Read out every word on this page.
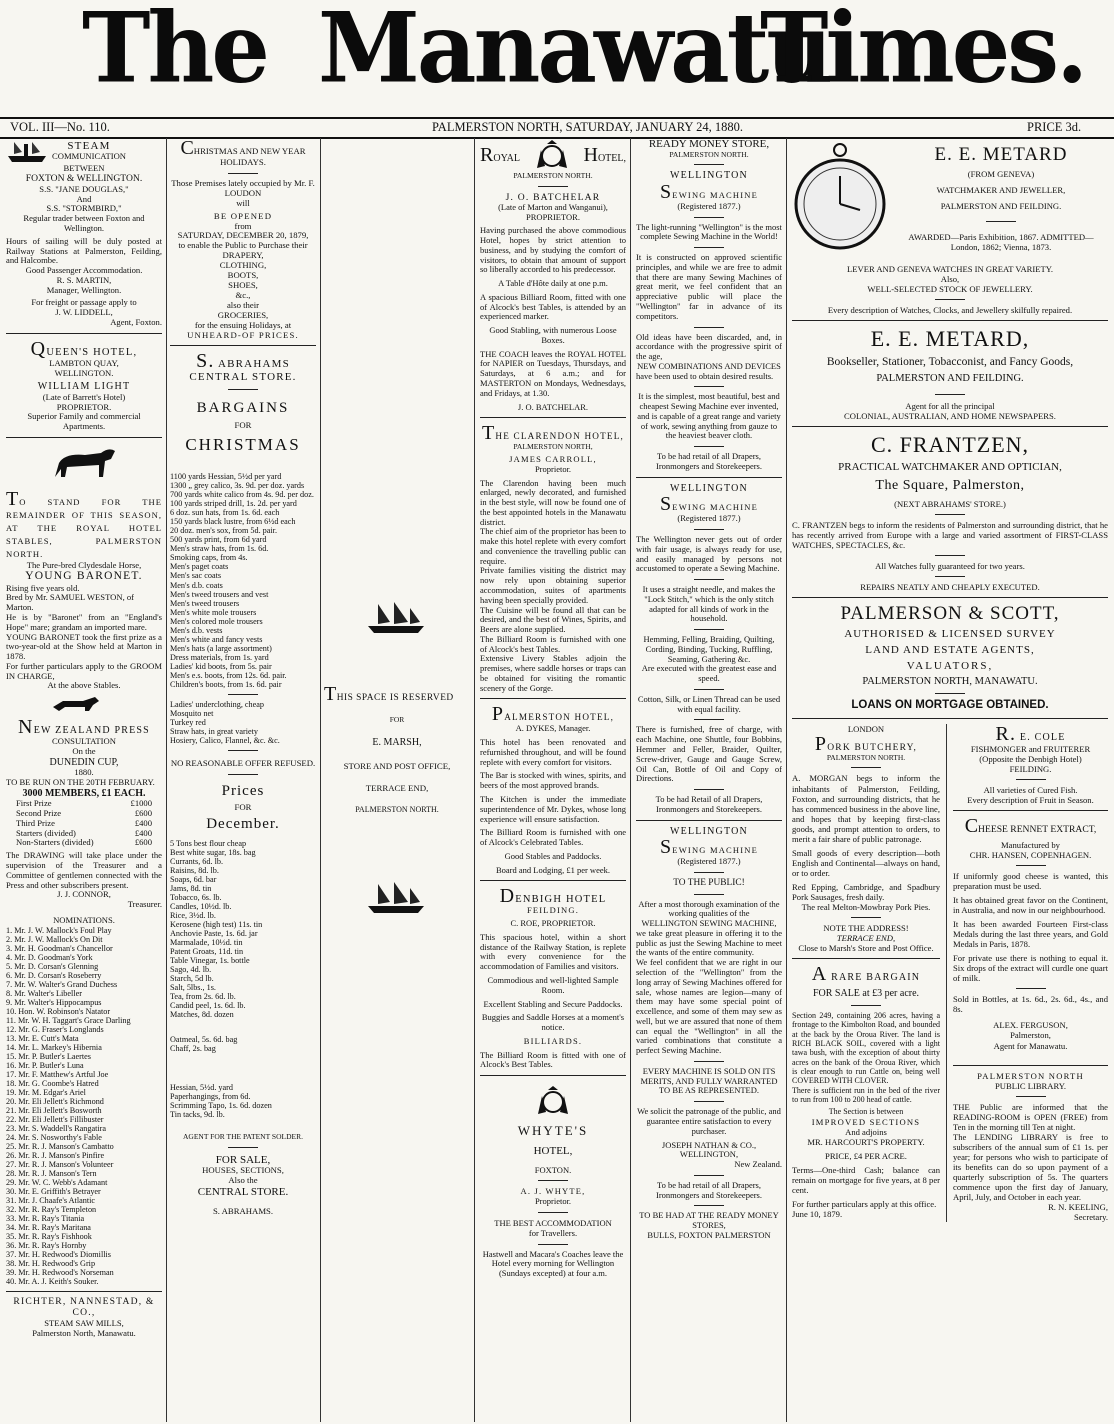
The Manawatu
Times.
VOL. III—No. 110.	PALMERSTON NORTH, SATURDAY, JANUARY 24, 1880.	PRICE 3d.

STEAM

COMMUNICATION

BETWEEN

FOXTON & WELLINGTON.

S.S. "JANE DOUGLAS,"

And

S.S. "STORMBIRD,"

Regular trader between Foxton and Wellington.

Hours of sailing will be duly posted at Railway Stations at Palmerston, Feilding, and Halcombe.

Good Passenger Accommodation.

R. S. MARTIN,

Manager, Wellington.

For freight or passage apply to

J. W. LIDDELL,

Agent, Foxton.

QUEEN'S HOTEL,

LAMBTON QUAY,

WELLINGTON.

WILLIAM LIGHT

(Late of Barrett's Hotel)

PROPRIETOR.

Superior Family and commercial Apartments.

TO STAND FOR THE REMAINDER OF THIS SEASON, AT THE ROYAL HOTEL STABLES, PALMERSTON NORTH.

The Pure-bred Clydesdale Horse,

YOUNG BARONET.

Rising five years old.

Bred by Mr. SAMUEL WESTON, of Marton.

He is by "Baronet" from an "England's Hope" mare; grandam an imported mare.

YOUNG BARONET took the first prize as a two-year-old at the Show held at Marton in 1878.

For further particulars apply to the GROOM IN CHARGE,

At the above Stables.

NEW ZEALAND PRESS

CONSULTATION

On the

DUNEDIN CUP,

1880.

TO BE RUN ON THE 20TH FEBRUARY.

3000 MEMBERS, £1 EACH.

First Prize	£1000
Second Prize	£600
Third Prize	£400
Starters (divided)	£400
Non-Starters (divided)	£600

The DRAWING will take place under the supervision of the Treasurer and a Committee of gentlemen connected with the Press and other subscribers present.

J. J. CONNOR,

Treasurer.

NOMINATIONS.

1. Mr. J. W. Mallock's Foul Play

2. Mr. J. W. Mallock's On Dit

3. Mr. H. Goodman's Chancellor

4. Mr. D. Goodman's York

5. Mr. D. Corsan's Glenning

6. Mr. D. Corsan's Roseberry

7. Mr. W. Walter's Grand Duchess

8. Mr. Walter's Libeller

9. Mr. Walter's Hippocampus

10. Hon. W. Robinson's Natator

11. Mr. W. H. Taggart's Grace Darling

12. Mr. G. Fraser's Longlands

13. Mr. E. Cutt's Mata

14. Mr. L. Markey's Hibernia

15. Mr. P. Butler's Laertes

16. Mr. P. Butler's Luna

17. Mr. F. Matthew's Artful Joe

18. Mr. G. Coombe's Hatred

19. Mr. M. Edgar's Ariel

20. Mr. Eli Jellett's Richmond

21. Mr. Eli Jellett's Bosworth

22. Mr. Eli Jellett's Fillibuster

23. Mr. S. Waddell's Rangatira

24. Mr. S. Nosworthy's Fable

25. Mr. R. J. Manson's Cambatto

26. Mr. R. J. Manson's Pinfire

27. Mr. R. J. Manson's Volunteer

28. Mr. R. J. Manson's Tern

29. Mr. W. C. Webb's Adamant

30. Mr. E. Griffith's Betrayer

31. Mr. J. Chaafe's Atlantic

32. Mr. R. Ray's Templeton

33. Mr. R. Ray's Titania

34. Mr. R. Ray's Maritana

35. Mr. R. Ray's Fishhook

36. Mr. R. Ray's Hornby

37. Mr. H. Redwood's Diomillis

38. Mr. H. Redwood's Grip

39. Mr. H. Redwood's Norseman

40. Mr. A. J. Keith's Souker.

RICHTER, NANNESTAD, & CO.,

STEAM SAW MILLS,

Palmerston North, Manawatu.

CHRISTMAS AND NEW YEAR HOLIDAYS.

Those Premises lately occupied by Mr. F. LOUDON

will

BE OPENED

from

SATURDAY, DECEMBER 20, 1879,

to enable the Public to Purchase their

DRAPERY,

CLOTHING,

BOOTS,

SHOES,

&c.,

also their

GROCERIES,

for the ensuing Holidays, at

UNHEARD-OF PRICES.

S. ABRAHAMS

CENTRAL STORE.

BARGAINS

FOR

CHRISTMAS

1100 yards Hessian, 5½d per yard

1300 „ grey calico, 3s. 9d. per doz. yards

700 yards white calico from 4s. 9d. per doz.

100 yards striped drill, 1s. 2d. per yard

6 doz. sun hats, from 1s. 6d. each

150 yards black lustre, from 6½d each

20 doz. men's sox, from 5d. pair.

500 yards print, from 6d yard

Men's straw hats, from 1s. 6d.

Smoking caps, from 4s.

Men's paget coats

Men's sac coats

Men's d.b. coats

Men's tweed trousers and vest

Men's tweed trousers

Men's white mole trousers

Men's colored mole trousers

Men's d.b. vests

Men's white and fancy vests

Men's hats (a large assortment)

Dress materials, from 1s. yard

Ladies' kid boots, from 5s. pair

Men's e.s. boots, from 12s. 6d. pair.

Children's boots, from 1s. 6d. pair

Ladies' underclothing, cheap

Mosquito net

Turkey red

Straw hats, in great variety

Hosiery, Calico, Flannel, &c. &c.

NO REASONABLE OFFER REFUSED.

Prices

FOR

December.

5 Tons best flour cheap

Best white sugar, 18s. bag

Currants, 6d. lb.

Raisins, 8d. lb.

Soaps, 6d. bar

Jams, 8d. tin

Tobacco, 6s. lb.

Candles, 10½d. lb.

Rice, 3½d. lb.

Kerosene (high test) 11s. tin

Anchovie Paste, 1s. 6d. jar

Marmalade, 10½d. tin

Patent Groats, 11d. tin

Table Vinegar, 1s. bottle

Sago, 4d. lb.

Starch, 5d lb.

Salt, 5lbs., 1s.

Tea, from 2s. 6d. lb.

Candid peel, 1s. 6d. lb.

Matches, 8d. dozen

Oatmeal, 5s. 6d. bag

Chaff, 2s. bag

Hessian, 5½d. yard

Paperhangings, from 6d.

Scrimming Tapo, 1s. 6d. dozen

Tin tacks, 9d. lb.

AGENT FOR THE PATENT SOLDER.

FOR SALE,

HOUSES, SECTIONS,

Also the

CENTRAL STORE.

S. ABRAHAMS.

THIS SPACE IS RESERVED

FOR

E. MARSH,

STORE AND POST OFFICE,

TERRACE END,

PALMERSTON NORTH.

ROYAL	HOTEL,

PALMERSTON NORTH.

J. O. BATCHELAR

(Late of Marton and Wanganui),

PROPRIETOR.

Having purchased the above commodious Hotel, hopes by strict attention to business, and by studying the comfort of visitors, to obtain that amount of support so liberally accorded to his predecessor.

A Table d'Hôte daily at one p.m.

A spacious Billiard Room, fitted with one of Alcock's best Tables, is attended by an experienced marker.

Good Stabling, with numerous Loose Boxes.

THE COACH leaves the ROYAL HOTEL for NAPIER on Tuesdays, Thursdays, and Saturdays, at 6 a.m.; and for MASTERTON on Mondays, Wednesdays, and Fridays, at 1.30.

J. O. BATCHELAR.

THE CLARENDON HOTEL,

PALMERSTON NORTH,

JAMES CARROLL,

Proprietor.

The Clarendon having been much enlarged, newly decorated, and furnished in the best style, will now be found one of the best appointed hotels in the Manawatu district.

The chief aim of the proprietor has been to make this hotel replete with every comfort and convenience the travelling public can require.

Private families visiting the district may now rely upon obtaining superior accommodation, suites of apartments having been specially provided.

The Cuisine will be found all that can be desired, and the best of Wines, Spirits, and Beers are alone supplied.

The Billiard Room is furnished with one of Alcock's best Tables.

Extensive Livery Stables adjoin the premises, where saddle horses or traps can be obtained for visiting the romantic scenery of the Gorge.

PALMERSTON HOTEL,

A. DYKES, Manager.

This hotel has been renovated and refurnished throughout, and will be found replete with every comfort for visitors.

The Bar is stocked with wines, spirits, and beers of the most approved brands.

The Kitchen is under the immediate superintendence of Mr. Dykes, whose long experience will ensure satisfaction.

The Billiard Room is furnished with one of Alcock's Celebrated Tables.

Good Stables and Paddocks.

Board and Lodging, £1 per week.

DENBIGH HOTEL

FEILDING.

C. ROE, PROPRIETOR.

This spacious hotel, within a short distance of the Railway Station, is replete with every convenience for the accommodation of Families and visitors.

Commodious and well-lighted Sample Room.

Excellent Stabling and Secure Paddocks.

Buggies and Saddle Horses at a moment's notice.

BILLIARDS.

The Billiard Room is fitted with one of Alcock's Best Tables.

WHYTE'S

HOTEL,

FOXTON.

A. J. WHYTE,

Proprietor.

THE BEST ACCOMMODATION

for Travellers.

Hastwell and Macara's Coaches leave the Hotel every morning for Wellington (Sundays excepted) at four a.m.

READY MONEY STORE,

PALMERSTON NORTH.

WELLINGTON

SEWING MACHINE

(Registered 1877.)

The light-running "Wellington" is the most complete Sewing Machine in the World!

It is constructed on approved scientific principles, and while we are free to admit that there are many Sewing Machines of great merit, we feel confident that an appreciative public will place the "Wellington" far in advance of its competitors.

Old ideas have been discarded, and, in accordance with the progressive spirit of the age,

NEW COMBINATIONS AND DEVICES

have been used to obtain desired results.

It is the simplest, most beautiful, best and cheapest Sewing Machine ever invented, and is capable of a great range and variety of work, sewing anything from gauze to the heaviest beaver cloth.

To be had retail of all Drapers, Ironmongers and Storekeepers.

WELLINGTON

SEWING MACHINE

(Registered 1877.)

The Wellington never gets out of order with fair usage, is always ready for use, and easily managed by persons not accustomed to operate a Sewing Machine.

It uses a straight needle, and makes the "Lock Stitch," which is the only stitch adapted for all kinds of work in the household.

Hemming, Felling, Braiding, Quilting, Cording, Binding, Tucking, Ruffling, Seaming, Gathering &c.

Are executed with the greatest ease and speed.

Cotton, Silk, or Linen Thread can be used with equal facility.

There is furnished, free of charge, with each Machine, one Shuttle, four Bobbins, Hemmer and Feller, Braider, Quilter, Screw-driver, Gauge and Gauge Screw, Oil Can, Bottle of Oil and Copy of Directions.

To be had Retail of all Drapers, Ironmongers and Storekeepers.

WELLINGTON

SEWING MACHINE

(Registered 1877.)

TO THE PUBLIC!

After a most thorough examination of the working qualities of the

WELLINGTON SEWING MACHINE,

we take great pleasure in offering it to the public as just the Sewing Machine to meet the wants of the entire community.

We feel confident that we are right in our selection of the "Wellington" from the long array of Sewing Machines offered for sale, whose names are legion—many of them may have some special point of excellence, and some of them may sew as well, but we are assured that none of them can equal the "Wellington" in all the varied combinations that constitute a perfect Sewing Machine.

EVERY MACHINE IS SOLD ON ITS MERITS, AND FULLY WARRANTED TO BE AS REPRESENTED.

We solicit the patronage of the public, and guarantee entire satisfaction to every purchaser.

JOSEPH NATHAN & CO.,

WELLINGTON,

New Zealand.

To be had retail of all Drapers, Ironmongers and Storekeepers.

TO BE HAD AT THE READY MONEY STORES,

BULLS, FOXTON PALMERSTON

E. E. METARD

(FROM GENEVA)

WATCHMAKER AND JEWELLER,

PALMERSTON AND FEILDING.

AWARDED—Paris Exhibition, 1867. ADMITTED—London, 1862; Vienna, 1873.

LEVER AND GENEVA WATCHES IN GREAT VARIETY.

Also,

WELL-SELECTED STOCK OF JEWELLERY.

Every description of Watches, Clocks, and Jewellery skilfully repaired.

E. E. METARD,

Bookseller, Stationer, Tobacconist, and Fancy Goods,

PALMERSTON AND FEILDING.

Agent for all the principal

COLONIAL, AUSTRALIAN, AND HOME NEWSPAPERS.

C. FRANTZEN,

PRACTICAL WATCHMAKER AND OPTICIAN,

The Square, Palmerston,

(NEXT ABRAHAMS' STORE.)

C. FRANTZEN begs to inform the residents of Palmerston and surrounding district, that he has recently arrived from Europe with a large and varied assortment of FIRST-CLASS WATCHES, SPECTACLES, &c.

All Watches fully guaranteed for two years.

REPAIRS NEATLY AND CHEAPLY EXECUTED.

PALMERSON & SCOTT,

AUTHORISED & LICENSED SURVEY

LAND AND ESTATE AGENTS,

VALUATORS,

PALMERSTON NORTH, MANAWATU.

LOANS ON MORTGAGE OBTAINED.

LONDON

PORK BUTCHERY,

PALMERSTON NORTH.

A. MORGAN begs to inform the inhabitants of Palmerston, Feilding, Foxton, and surrounding districts, that he has commenced business in the above line, and hopes that by keeping first-class goods, and prompt attention to orders, to merit a fair share of public patronage.

Small goods of every description—both English and Continental—always on hand, or to order.

Red Epping, Cambridge, and Spadbury Pork Sausages, fresh daily.

The real Melton-Mowbray Pork Pies.

NOTE THE ADDRESS!

TERRACE END,

Close to Marsh's Store and Post Office.

A RARE BARGAIN

FOR SALE at £3 per acre.

Section 249, containing 206 acres, having a frontage to the Kimbolton Road, and bounded at the back by the Oroua River. The land is RICH BLACK SOIL, covered with a light tawa bush, with the exception of about thirty acres on the bank of the Oroua River, which is clear enough to run Cattle on, being well COVERED WITH CLOVER.

There is sufficient run in the bed of the river to run from 100 to 200 head of cattle.

The Section is between

IMPROVED SECTIONS

And adjoins

MR. HARCOURT'S PROPERTY.

PRICE, £4 PER ACRE.

Terms—One-third Cash; balance can remain on mortgage for five years, at 8 per cent.

For further particulars apply at this office.

June 10, 1879.

R. E. COLE

FISHMONGER and FRUITERER

(Opposite the Denbigh Hotel)

FEILDING.

All varieties of Cured Fish.

Every description of Fruit in Season.

CHEESE RENNET EXTRACT,

Manufactured by

CHR. HANSEN, COPENHAGEN.

If uniformly good cheese is wanted, this preparation must be used.

It has obtained great favor on the Continent, in Australia, and now in our neighbourhood.

It has been awarded Fourteen First-class Medals during the last three years, and Gold Medals in Paris, 1878.

For private use there is nothing to equal it. Six drops of the extract will curdle one quart of milk.

Sold in Bottles, at 1s. 6d., 2s. 6d., 4s., and 8s.

ALEX. FERGUSON,

Palmerston,

Agent for Manawatu.

PALMERSTON NORTH

PUBLIC LIBRARY.

THE Public are informed that the READING-ROOM is OPEN (FREE) from Ten in the morning till Ten at night.

The LENDING LIBRARY is free to subscribers of the annual sum of £1 1s. per year; for persons who wish to participate of its benefits can do so upon payment of a quarterly subscription of 5s. The quarters commence upon the first day of January, April, July, and October in each year.

R. N. KEELING,

Secretary.
